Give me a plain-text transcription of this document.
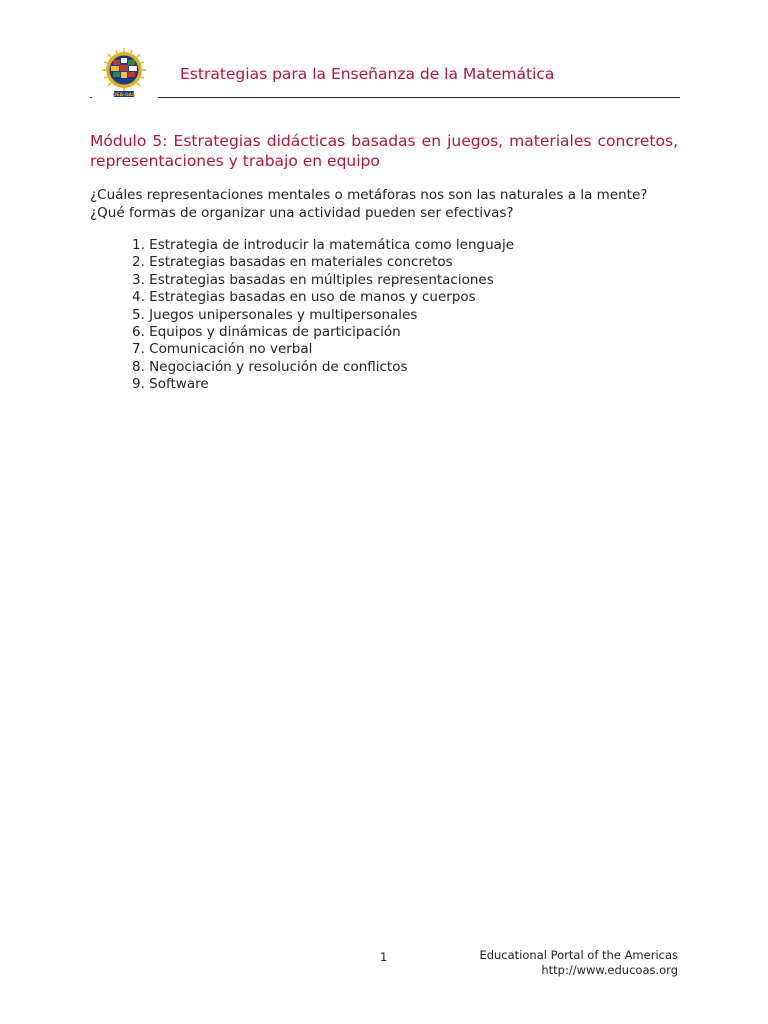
OEA·OAS
Estrategias para la Enseñanza de la Matemática
Módulo 5: Estrategias didácticas basadas en juegos, materiales concretos, representaciones y trabajo en equipo

¿Cuáles representaciones mentales o metáforas nos son las naturales a la mente?

¿Qué formas de organizar una actividad pueden ser efectivas?

1. Estrategia de introducir la matemática como lenguaje
2. Estrategias basadas en materiales concretos
3. Estrategias basadas en múltiples representaciones
4. Estrategias basadas en uso de manos y cuerpos
5. Juegos unipersonales y multipersonales
6. Equipos y dinámicas de participación
7. Comunicación no verbal
8. Negociación y resolución de conflictos
9. Software
1	Educational Portal of the Americas
http://www.educoas.org
